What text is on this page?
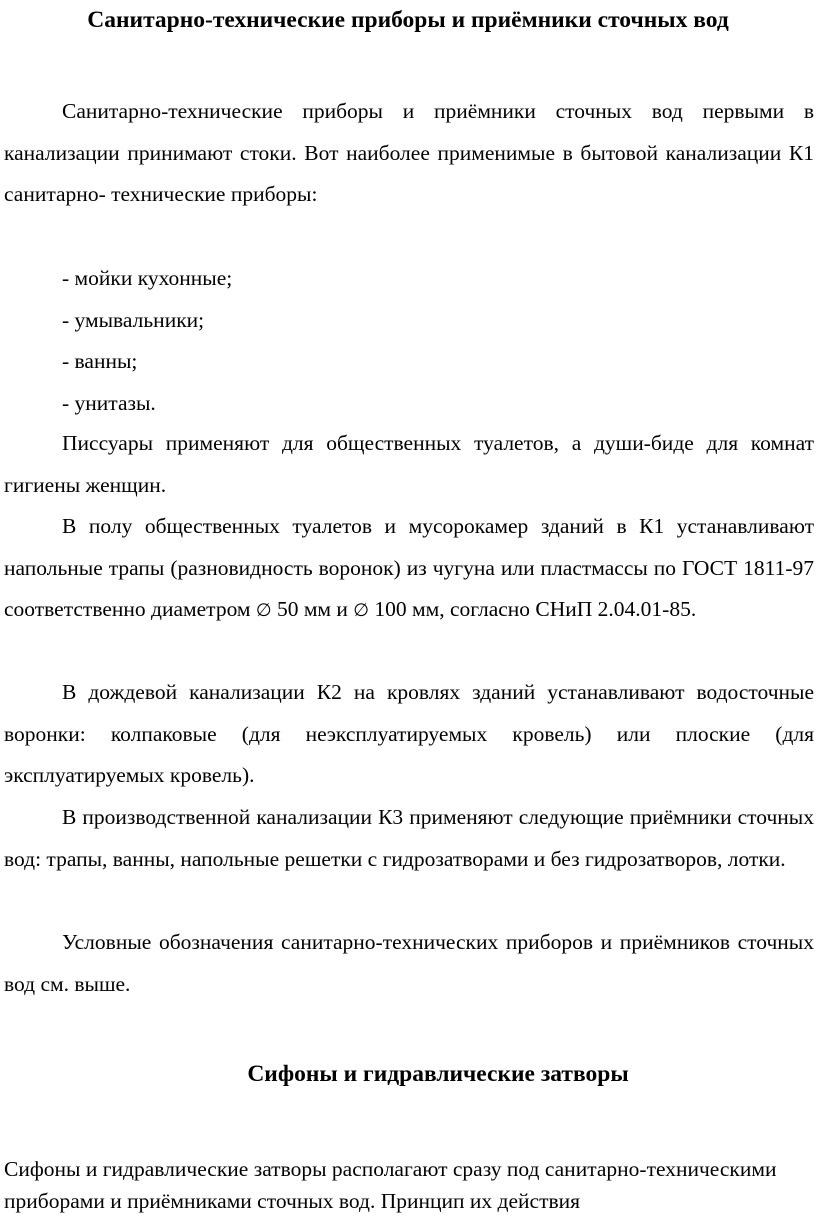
Санитарно-технические приборы и приёмники сточных вод

Санитарно-технические приборы и приёмники сточных вод первыми в канализации принимают стоки. Вот наиболее применимые в бытовой канализации К1 санитарно- технические приборы:

- мойки кухонные;
- умывальники;
- ванны;
- унитазы.

Писсуары применяют для общественных туалетов, а души-биде для комнат гигиены женщин.

В полу общественных туалетов и мусорокамер зданий в К1 устанавливают напольные трапы (разновидность воронок) из чугуна или пластмассы по ГОСТ 1811-97 соответственно диаметром ∅ 50 мм и ∅ 100 мм, согласно СНиП 2.04.01-85.

В дождевой канализации К2 на кровлях зданий устанавливают водосточные воронки: колпаковые (для неэксплуатируемых кровель) или плоские (для эксплуатируемых кровель).

В производственной канализации К3 применяют следующие приёмники сточных вод: трапы, ванны, напольные решетки с гидрозатворами и без гидрозатворов, лотки.

Условные обозначения санитарно-технических приборов и приёмников сточных вод см. выше.

Сифоны и гидравлические затворы

Сифоны и гидравлические затворы располагают сразу под санитарно-техническими приборами и приёмниками сточных вод. Принцип их действия
